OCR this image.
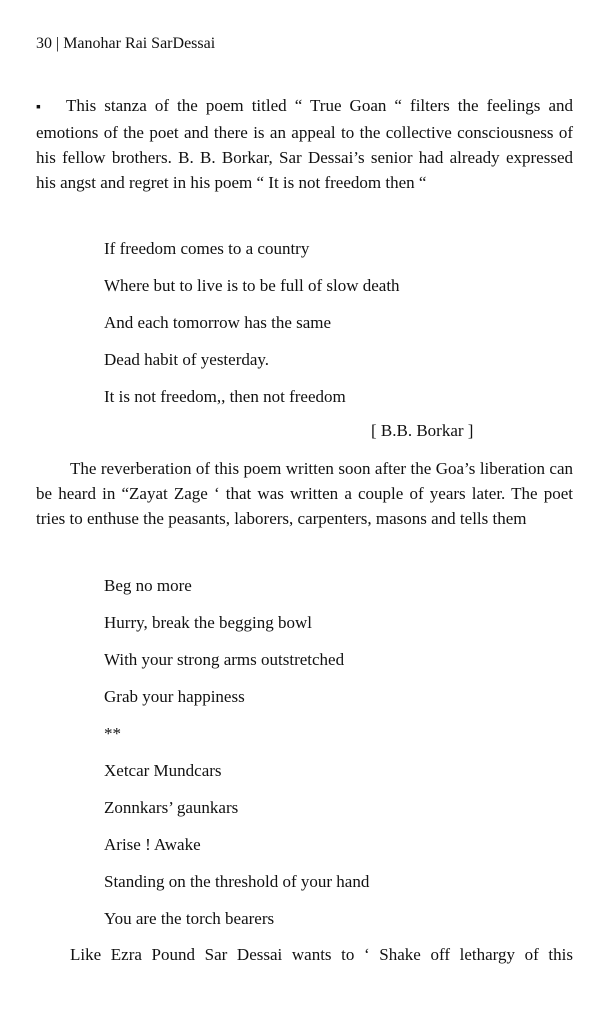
30 | Manohar Rai SarDessai

▪ This stanza of the poem titled “ True Goan “ filters the feelings and emotions of the poet and there is an appeal to the collective consciousness of his fellow brothers. B. B. Borkar, Sar Dessai’s senior had already expressed his angst and regret in his poem “ It is not freedom then “

If freedom comes to a country
Where but to live is to be full of slow death
And each tomorrow has the same
Dead habit of yesterday.
It is not freedom,, then not freedom
[ B.B. Borkar ]

The reverberation of this poem written soon after the Goa’s liberation can be heard in “Zayat Zage ‘ that was written a couple of years later. The poet tries to enthuse the peasants, laborers, carpenters, masons and tells them

Beg no more
Hurry, break the begging bowl
With your strong arms outstretched
Grab your happiness
**
Xetcar Mundcars
Zonnkars’ gaunkars
Arise ! Awake
Standing on the threshold of your hand
You are the torch bearers

Like Ezra Pound Sar Dessai wants to ‘ Shake off lethargy of this
